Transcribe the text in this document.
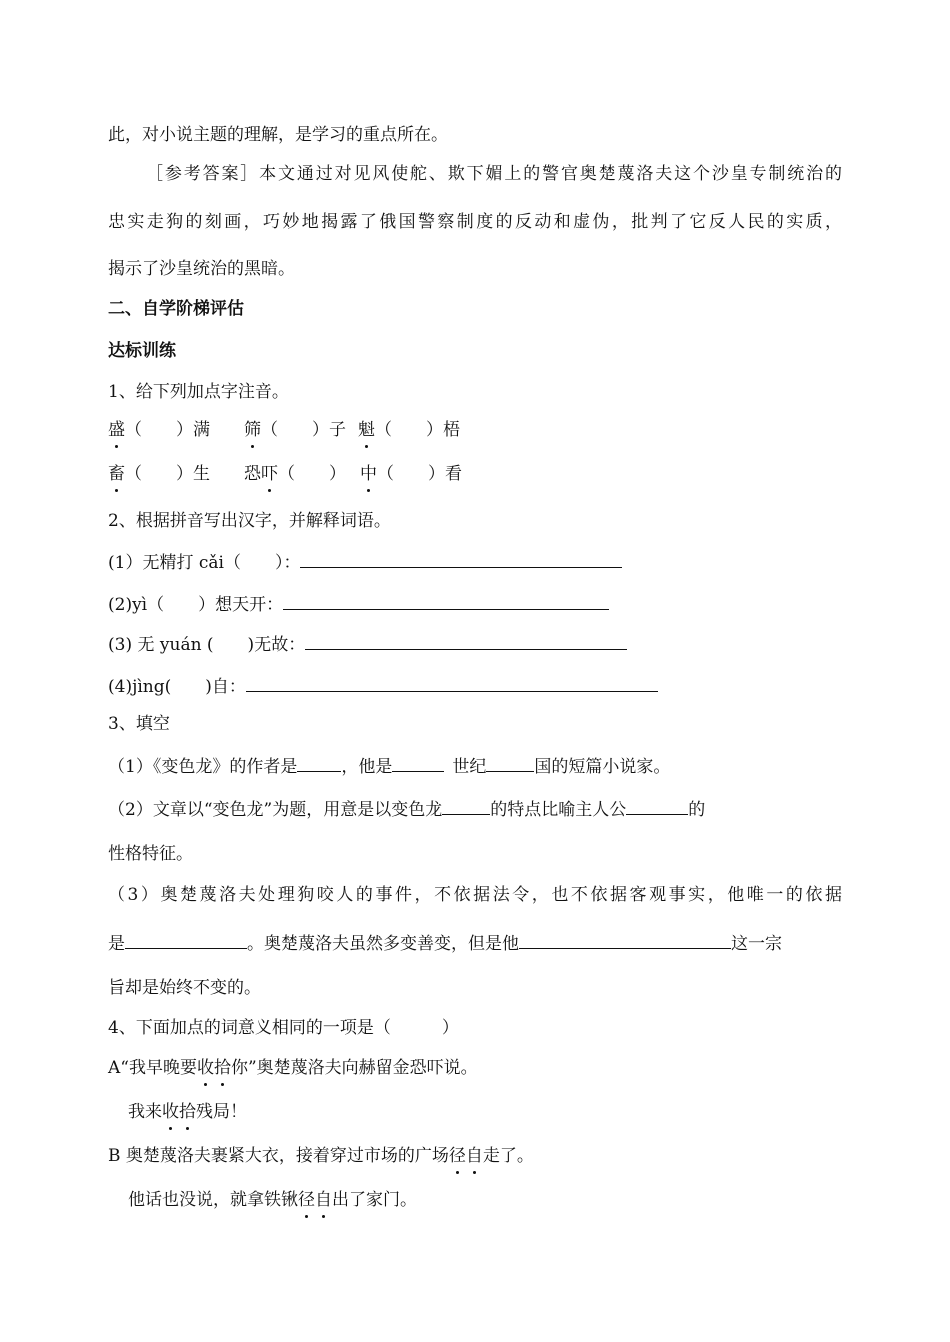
此，对小说主题的理解，是学习的重点所在。
［参考答案］本文通过对见风使舵、欺下媚上的警官奥楚蔑洛夫这个沙皇专制统治的
忠实走狗的刻画，巧妙地揭露了俄国警察制度的反动和虚伪，批判了它反人民的实质，
揭示了沙皇统治的黑暗。
二、自学阶梯评估
达标训练
1、给下列加点字注音。
盛（　　）满 筛（　　）子 魁（　　）梧
畜（　　）生 恐吓（　　） 中（　　）看
2、根据拼音写出汉字，并解释词语。
(1）无精打 cǎi（　　）：
(2)yì（　　）想天开：
(3) 无 yuán (　　)无故：
(4)jìng(　　)自：
3、填空
（1）《变色龙》的作者是	，他是	世纪	国的短篇小说家。
（2）文章以“变色龙”为题，用意是以变色龙	的特点比喻主人公	的
性格特征。
（3）奥楚蔑洛夫处理狗咬人的事件，不依据法令，也不依据客观事实，他唯一的依据
是	。奥楚蔑洛夫虽然多变善变，但是他	这一宗
旨却是始终不变的。
4、下面加点的词意义相同的一项是（　　　）
A“我早晚要收拾你”奥楚蔑洛夫向赫留金恐吓说。
我来收拾残局！
B 奥楚蔑洛夫裹紧大衣，接着穿过市场的广场径自走了。
他话也没说，就拿铁锹径自出了家门。
